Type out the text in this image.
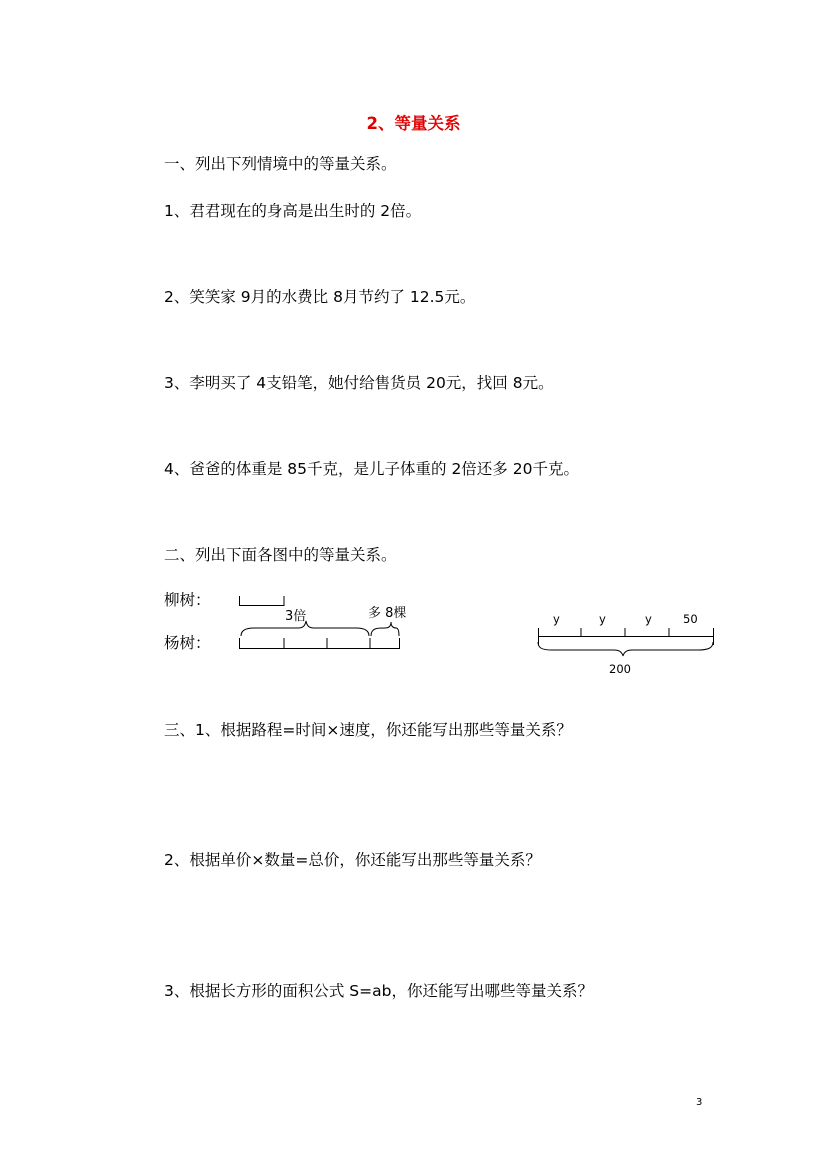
2、等量关系
一、列出下列情境中的等量关系。
1、君君现在的身高是出生时的 2倍。
2、笑笑家 9月的水费比 8月节约了 12.5元。
3、李明买了 4支铅笔，她付给售货员 20元，找回 8元。
4、爸爸的体重是 85千克，是儿子体重的 2倍还多 20千克。
二、列出下面各图中的等量关系。
柳树：
杨树：
3倍	多 8棵	y	y	y	50
200
三、1、根据路程=时间×速度，你还能写出那些等量关系？
2、根据单价×数量=总价，你还能写出那些等量关系？
3、根据长方形的面积公式 S=ab，你还能写出哪些等量关系？
3
